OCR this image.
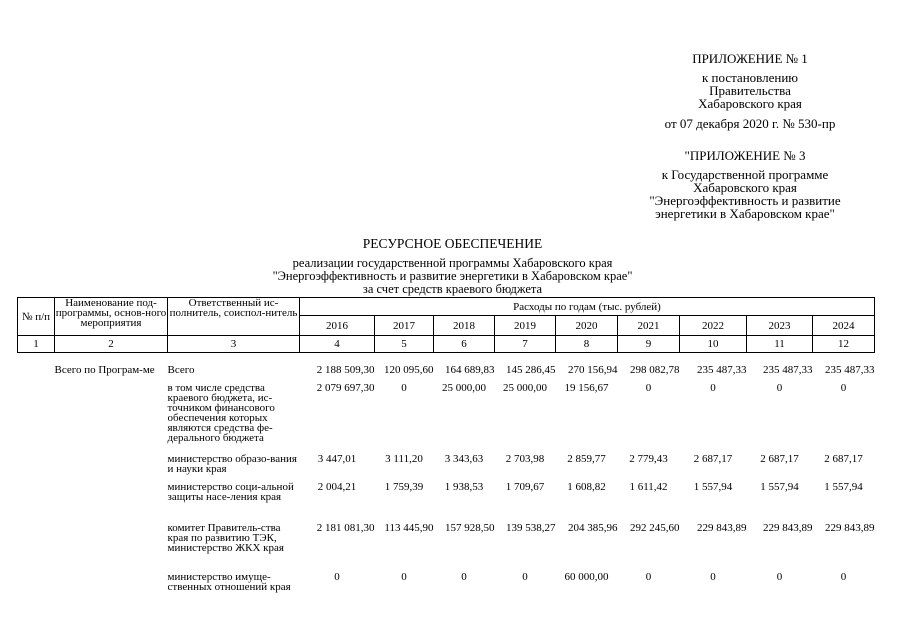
ПРИЛОЖЕНИЕ № 1
к постановлению
Правительства
Хабаровского края
от 07 декабря 2020 г. № 530-пр
"ПРИЛОЖЕНИЕ № 3
к Государственной программе
Хабаровского края
"Энергоэффективность и развитие
энергетики в Хабаровском крае"
РЕСУРСНОЕ ОБЕСПЕЧЕНИЕ
реализации государственной программы Хабаровского края
"Энергоэффективность и развитие энергетики в Хабаровском крае"
за счет средств краевого бюджета
№ п/п	Наименование под-программы, основ-ного мероприятия	Ответственный ис-полнитель, соиспол-нитель	Расходы по годам (тыс. рублей)								
			2016	2017	2018	2019	2020	2021	2022	2023	2024
1	2	3	4	5	6	7	8	9	10	11	12

	Всего по Програм-ме	Всего	2 188 509,30	120 095,60	164 689,83	145 286,45	270 156,94	298 082,78	235 487,33	235 487,33	235 487,33
		в том числе средства краевого бюджета, ис-точником финансового обеспечения которых являются средства фе-дерального бюджета	2 079 697,30	0	25 000,00	25 000,00	19 156,67	0	0	0	0
		министерство образо-вания и науки края	3 447,01	3 111,20	3 343,63	2 703,98	2 859,77	2 779,43	2 687,17	2 687,17	2 687,17
		министерство соци-альной защиты насе-ления края	2 004,21	1 759,39	1 938,53	1 709,67	1 608,82	1 611,42	1 557,94	1 557,94	1 557,94
		комитет Правитель-ства края по развитию ТЭК, министерство ЖКХ края	2 181 081,30	113 445,90	157 928,50	139 538,27	204 385,96	292 245,60	229 843,89	229 843,89	229 843,89
		министерство имуще-ственных отношений края	0	0	0	0	60 000,00	0	0	0	0
